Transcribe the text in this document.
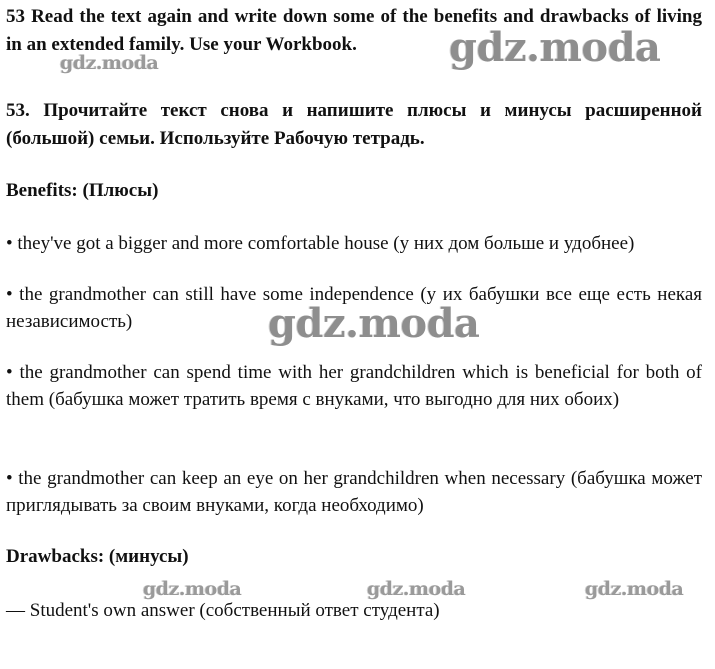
53 Read the text again and write down some of the benefits and drawbacks of living in an extended family. Use your Workbook.

53. Прочитайте текст снова и напишите плюсы и минусы расширенной (большой) семьи. Используйте Рабочую тетрадь.

Benefits: (Плюсы)

• they've got a bigger and more comfortable house (у них дом больше и удобнее)

• the grandmother can still have some independence (у их бабушки все еще есть некая независимость)

• the grandmother can spend time with her grandchildren which is beneficial for both of them (бабушка может тратить время с внуками, что выгодно для них обоих)

• the grandmother can keep an eye on her grandchildren when necessary (бабушка может приглядывать за своим внуками, когда необходимо)

Drawbacks: (минусы)

— Student's own answer (собственный ответ студента)

gdz.moda
gdz.moda
gdz.moda
gdz.moda	gdz.moda	gdz.moda
